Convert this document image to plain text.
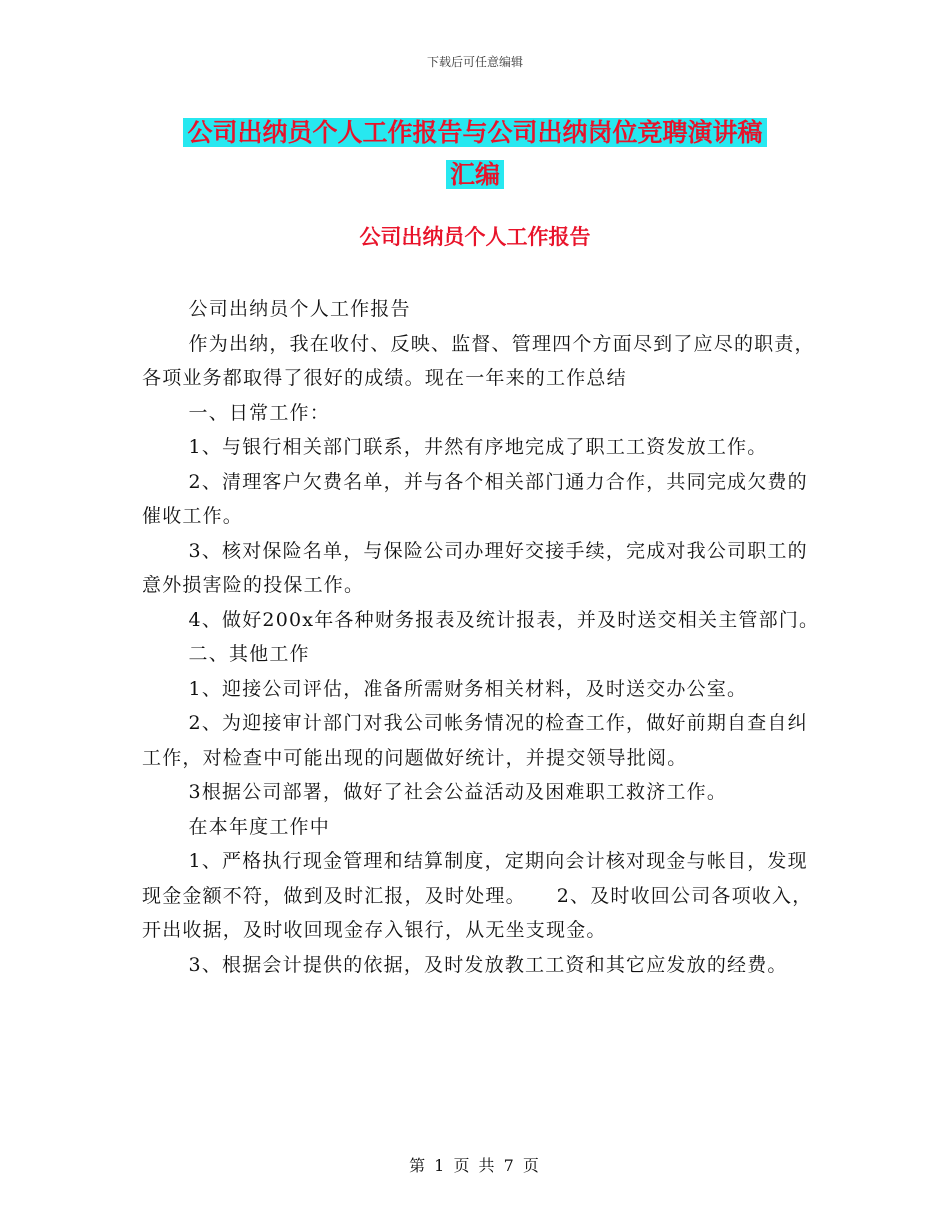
下载后可任意编辑
公司出纳员个人工作报告与公司出纳岗位竞聘演讲稿
汇编
公司出纳员个人工作报告

公司出纳员个人工作报告

作为出纳，我在收付、反映、监督、管理四个方面尽到了应尽的职责，各项业务都取得了很好的成绩。现在一年来的工作总结

一、日常工作：

1、与银行相关部门联系，井然有序地完成了职工工资发放工作。

2、清理客户欠费名单，并与各个相关部门通力合作，共同完成欠费的催收工作。

3、核对保险名单，与保险公司办理好交接手续，完成对我公司职工的意外损害险的投保工作。

4、做好200x年各种财务报表及统计报表，并及时送交相关主管部门。

二、其他工作

1、迎接公司评估，准备所需财务相关材料，及时送交办公室。

2、为迎接审计部门对我公司帐务情况的检查工作，做好前期自查自纠工作，对检查中可能出现的问题做好统计，并提交领导批阅。

3根据公司部署，做好了社会公益活动及困难职工救济工作。

在本年度工作中

1、严格执行现金管理和结算制度，定期向会计核对现金与帐目，发现现金金额不符，做到及时汇报，及时处理。　　2、及时收回公司各项收入，开出收据，及时收回现金存入银行，从无坐支现金。

3、根据会计提供的依据，及时发放教工工资和其它应发放的经费。

第 1 页 共 7 页
